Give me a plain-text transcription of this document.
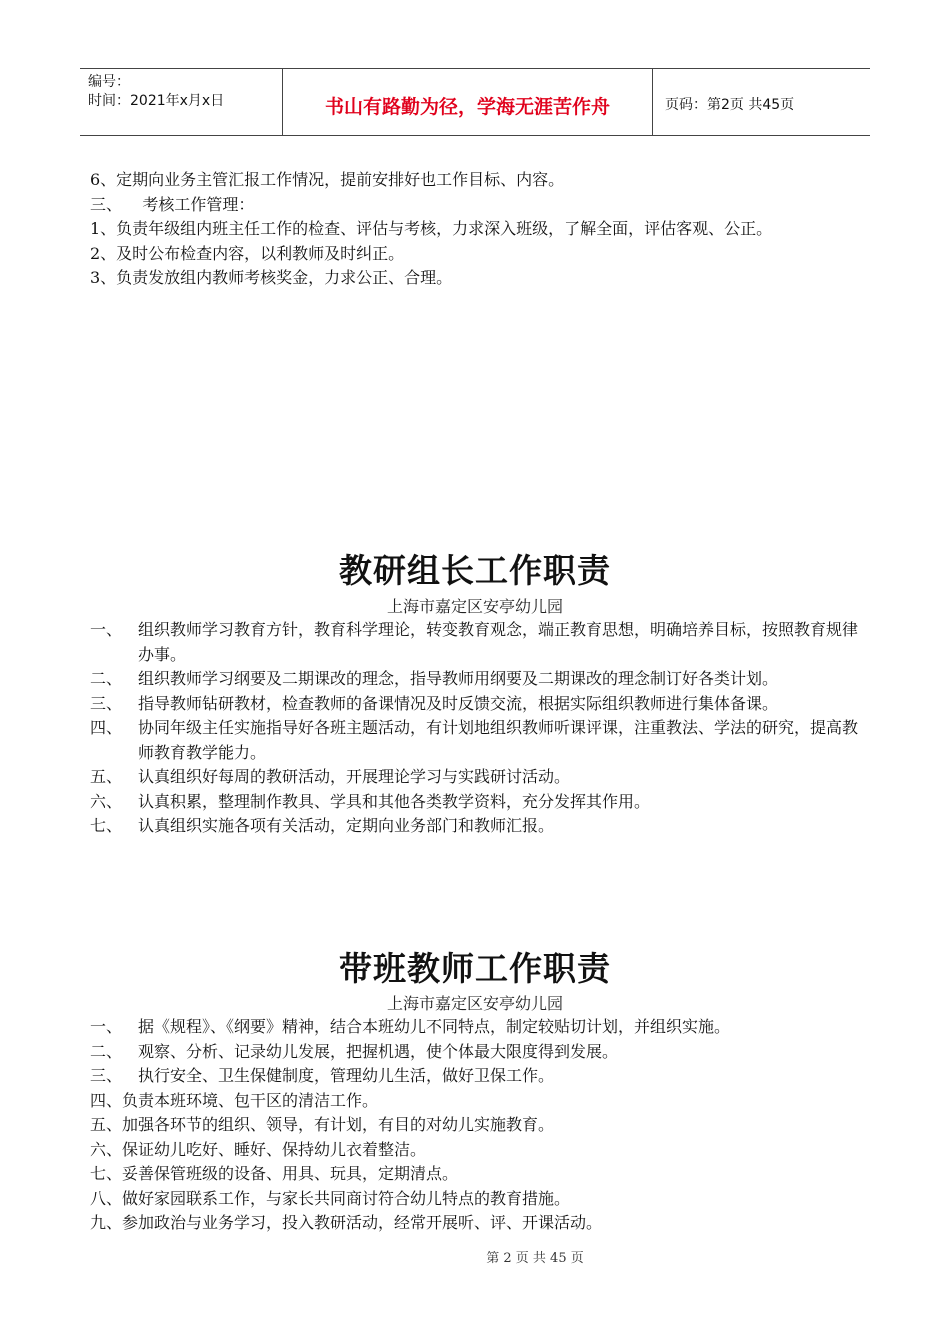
编号：
时间：2021年x月x日	书山有路勤为径，学海无涯苦作舟	页码：第2页 共45页

6、定期向业务主管汇报工作情况，提前安排好也工作目标、内容。

三、    考核工作管理：

1、负责年级组内班主任工作的检查、评估与考核，力求深入班级，了解全面，评估客观、公正。

2、及时公布检查内容，以利教师及时纠正。

3、负责发放组内教师考核奖金，力求公正、合理。

教研组长工作职责
上海市嘉定区安亭幼儿园
一、 组织教师学习教育方针，教育科学理论，转变教育观念，端正教育思想，明确培养目标，按照教育规律办事。
二、 组织教师学习纲要及二期课改的理念，指导教师用纲要及二期课改的理念制订好各类计划。
三、 指导教师钻研教材，检查教师的备课情况及时反馈交流，根据实际组织教师进行集体备课。
四、 协同年级主任实施指导好各班主题活动，有计划地组织教师听课评课，注重教法、学法的研究，提高教师教育教学能力。
五、 认真组织好每周的教研活动，开展理论学习与实践研讨活动。
六、 认真积累，整理制作教具、学具和其他各类教学资料，充分发挥其作用。
七、 认真组织实施各项有关活动，定期向业务部门和教师汇报。
带班教师工作职责
上海市嘉定区安亭幼儿园
一、 据《规程》、《纲要》精神，结合本班幼儿不同特点，制定较贴切计划，并组织实施。
二、 观察、分析、记录幼儿发展，把握机遇，使个体最大限度得到发展。
三、 执行安全、卫生保健制度，管理幼儿生活，做好卫保工作。

四、负责本班环境、包干区的清洁工作。

五、加强各环节的组织、领导，有计划，有目的对幼儿实施教育。

六、保证幼儿吃好、睡好、保持幼儿衣着整洁。

七、妥善保管班级的设备、用具、玩具，定期清点。

八、做好家园联系工作，与家长共同商讨符合幼儿特点的教育措施。

九、参加政治与业务学习，投入教研活动，经常开展听、评、开课活动。

第 2 页 共 45 页
